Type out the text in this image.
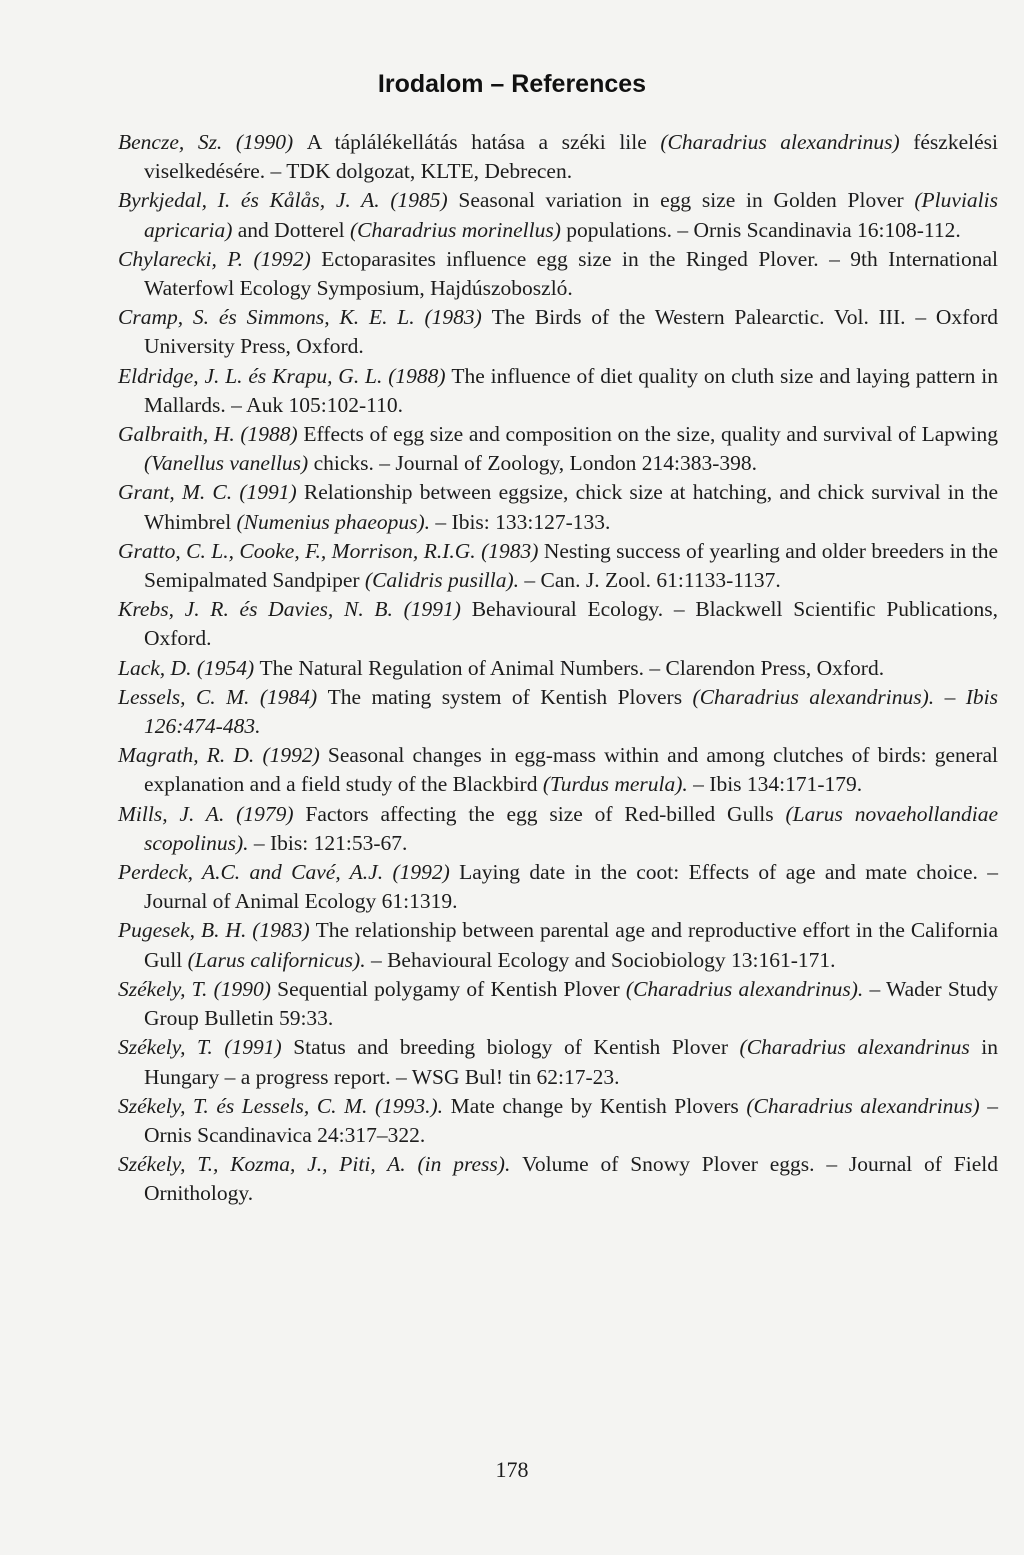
Irodalom – References
Bencze, Sz. (1990) A táplálékellátás hatása a széki lile (Charadrius alexandrinus) fészkelési viselkedésére. – TDK dolgozat, KLTE, Debrecen.
Byrkjedal, I. és Kålås, J. A. (1985) Seasonal variation in egg size in Golden Plover (Pluvialis apricaria) and Dotterel (Charadrius morinellus) populations. – Ornis Scandinavia 16:108-112.
Chylarecki, P. (1992) Ectoparasites influence egg size in the Ringed Plover. – 9th International Waterfowl Ecology Symposium, Hajdúszoboszló.
Cramp, S. és Simmons, K. E. L. (1983) The Birds of the Western Palearctic. Vol. III. – Oxford University Press, Oxford.
Eldridge, J. L. és Krapu, G. L. (1988) The influence of diet quality on cluth size and laying pattern in Mallards. – Auk 105:102-110.
Galbraith, H. (1988) Effects of egg size and composition on the size, quality and survival of Lapwing (Vanellus vanellus) chicks. – Journal of Zoology, London 214:383-398.
Grant, M. C. (1991) Relationship between eggsize, chick size at hatching, and chick survival in the Whimbrel (Numenius phaeopus). – Ibis: 133:127-133.
Gratto, C. L., Cooke, F., Morrison, R.I.G. (1983) Nesting success of yearling and older breeders in the Semipalmated Sandpiper (Calidris pusilla). – Can. J. Zool. 61:1133-1137.
Krebs, J. R. és Davies, N. B. (1991) Behavioural Ecology. – Blackwell Scientific Publications, Oxford.
Lack, D. (1954) The Natural Regulation of Animal Numbers. – Clarendon Press, Oxford.
Lessels, C. M. (1984) The mating system of Kentish Plovers (Charadrius alexandrinus). – Ibis 126:474-483.
Magrath, R. D. (1992) Seasonal changes in egg-mass within and among clutches of birds: general explanation and a field study of the Blackbird (Turdus merula). – Ibis 134:171-179.
Mills, J. A. (1979) Factors affecting the egg size of Red-billed Gulls (Larus novaehollandiae scopolinus). – Ibis: 121:53-67.
Perdeck, A.C. and Cavé, A.J. (1992) Laying date in the coot: Effects of age and mate choice. – Journal of Animal Ecology 61:1319.
Pugesek, B. H. (1983) The relationship between parental age and reproductive effort in the California Gull (Larus californicus). – Behavioural Ecology and Sociobiology 13:161-171.
Székely, T. (1990) Sequential polygamy of Kentish Plover (Charadrius alexandrinus). – Wader Study Group Bulletin 59:33.
Székely, T. (1991) Status and breeding biology of Kentish Plover (Charadrius alexandrinus in Hungary – a progress report. – WSG Bul! tin 62:17-23.
Székely, T. és Lessels, C. M. (1993.). Mate change by Kentish Plovers (Charadrius alexandrinus) – Ornis Scandinavica 24:317–322.
Székely, T., Kozma, J., Piti, A. (in press). Volume of Snowy Plover eggs. – Journal of Field Ornithology.
178
